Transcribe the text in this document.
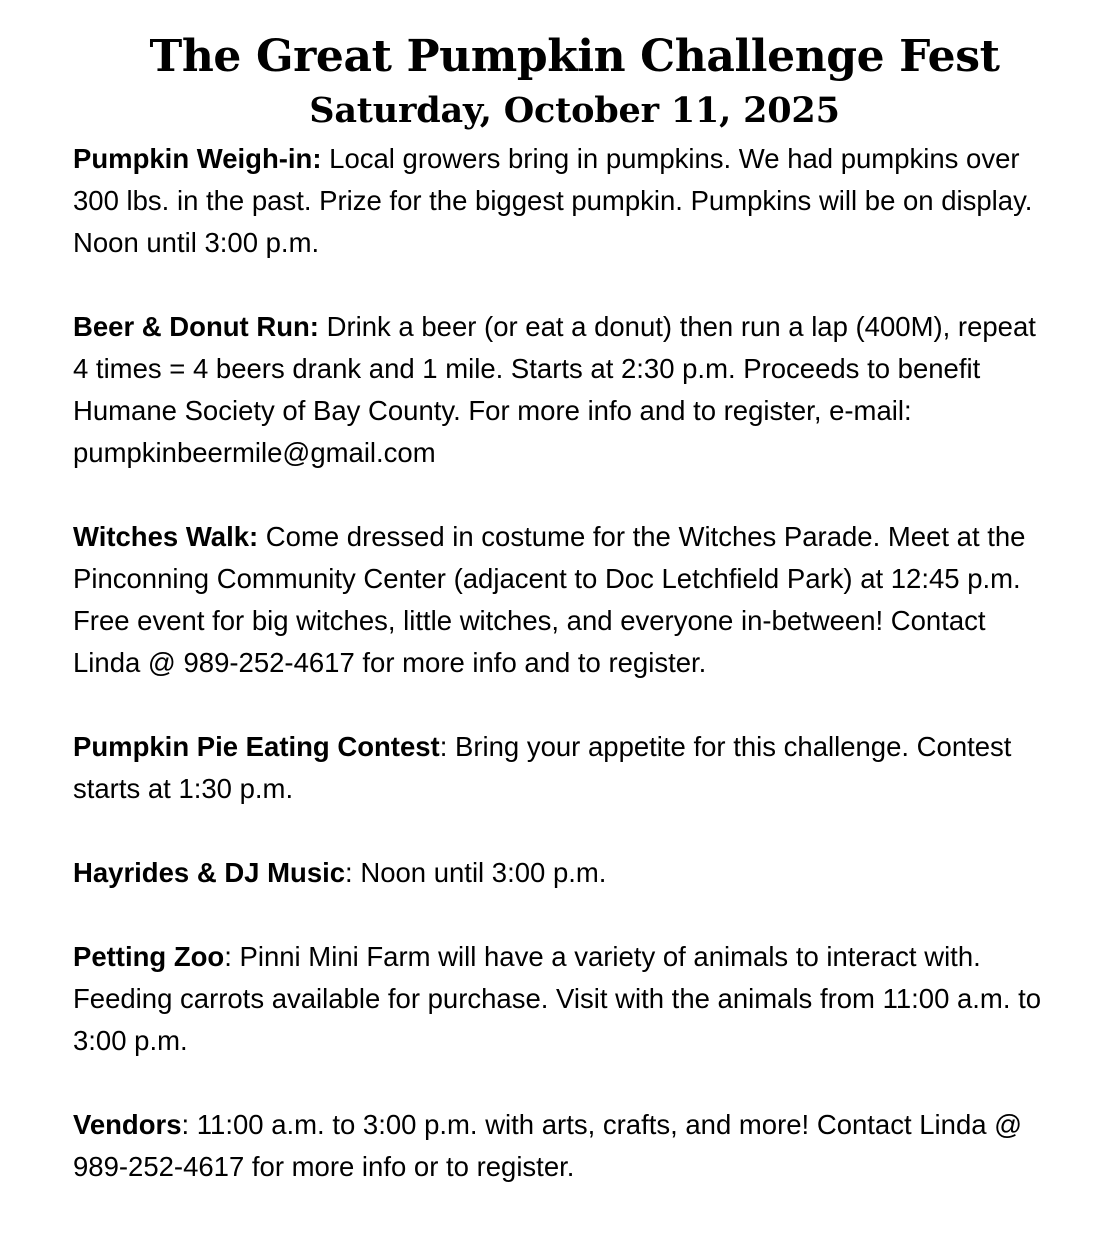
The Great Pumpkin Challenge Fest
Saturday, October 11, 2025

Pumpkin Weigh-in: Local growers bring in pumpkins. We had pumpkins over 300 lbs. in the past. Prize for the biggest pumpkin. Pumpkins will be on display. Noon until 3:00 p.m.

Beer & Donut Run: Drink a beer (or eat a donut) then run a lap (400M), repeat 4 times = 4 beers drank and 1 mile. Starts at 2:30 p.m. Proceeds to benefit Humane Society of Bay County. For more info and to register, e-mail: pumpkinbeermile@gmail.com

Witches Walk: Come dressed in costume for the Witches Parade. Meet at the Pinconning Community Center (adjacent to Doc Letchfield Park) at 12:45 p.m. Free event for big witches, little witches, and everyone in-between! Contact Linda @ 989-252-4617 for more info and to register.

Pumpkin Pie Eating Contest: Bring your appetite for this challenge. Contest starts at 1:30 p.m.

Hayrides & DJ Music: Noon until 3:00 p.m.

Petting Zoo: Pinni Mini Farm will have a variety of animals to interact with. Feeding carrots available for purchase. Visit with the animals from 11:00 a.m. to 3:00 p.m.

Vendors: 11:00 a.m. to 3:00 p.m. with arts, crafts, and more! Contact Linda @ 989-252-4617 for more info or to register.
